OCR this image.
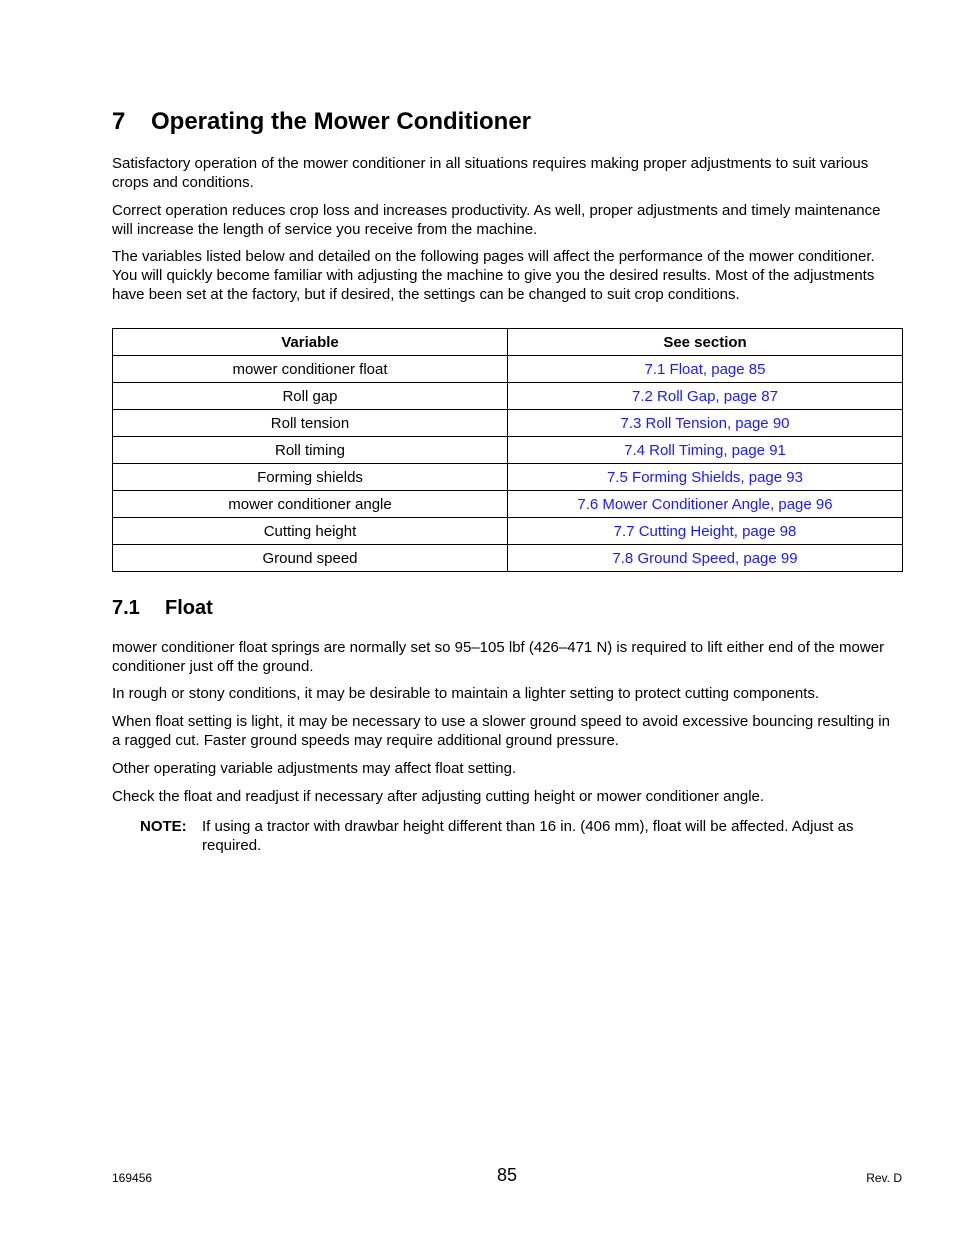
7 Operating the Mower Conditioner

Satisfactory operation of the mower conditioner in all situations requires making proper adjustments to suit various crops and conditions.

Correct operation reduces crop loss and increases productivity. As well, proper adjustments and timely maintenance will increase the length of service you receive from the machine.

The variables listed below and detailed on the following pages will affect the performance of the mower conditioner. You will quickly become familiar with adjusting the machine to give you the desired results. Most of the adjustments have been set at the factory, but if desired, the settings can be changed to suit crop conditions.

Variable	See section
mower conditioner float	7.1 Float, page 85
Roll gap	7.2 Roll Gap, page 87
Roll tension	7.3 Roll Tension, page 90
Roll timing	7.4 Roll Timing, page 91
Forming shields	7.5 Forming Shields, page 93
mower conditioner angle	7.6 Mower Conditioner Angle, page 96
Cutting height	7.7 Cutting Height, page 98
Ground speed	7.8 Ground Speed, page 99
7.1 Float

mower conditioner float springs are normally set so 95–105 lbf (426–471 N) is required to lift either end of the mower conditioner just off the ground.

In rough or stony conditions, it may be desirable to maintain a lighter setting to protect cutting components.

When float setting is light, it may be necessary to use a slower ground speed to avoid excessive bouncing resulting in a ragged cut. Faster ground speeds may require additional ground pressure.

Other operating variable adjustments may affect float setting.

Check the float and readjust if necessary after adjusting cutting height or mower conditioner angle.

NOTE:	If using a tractor with drawbar height different than 16 in. (406 mm), float will be affected. Adjust as required.
169456	85	Rev. D
